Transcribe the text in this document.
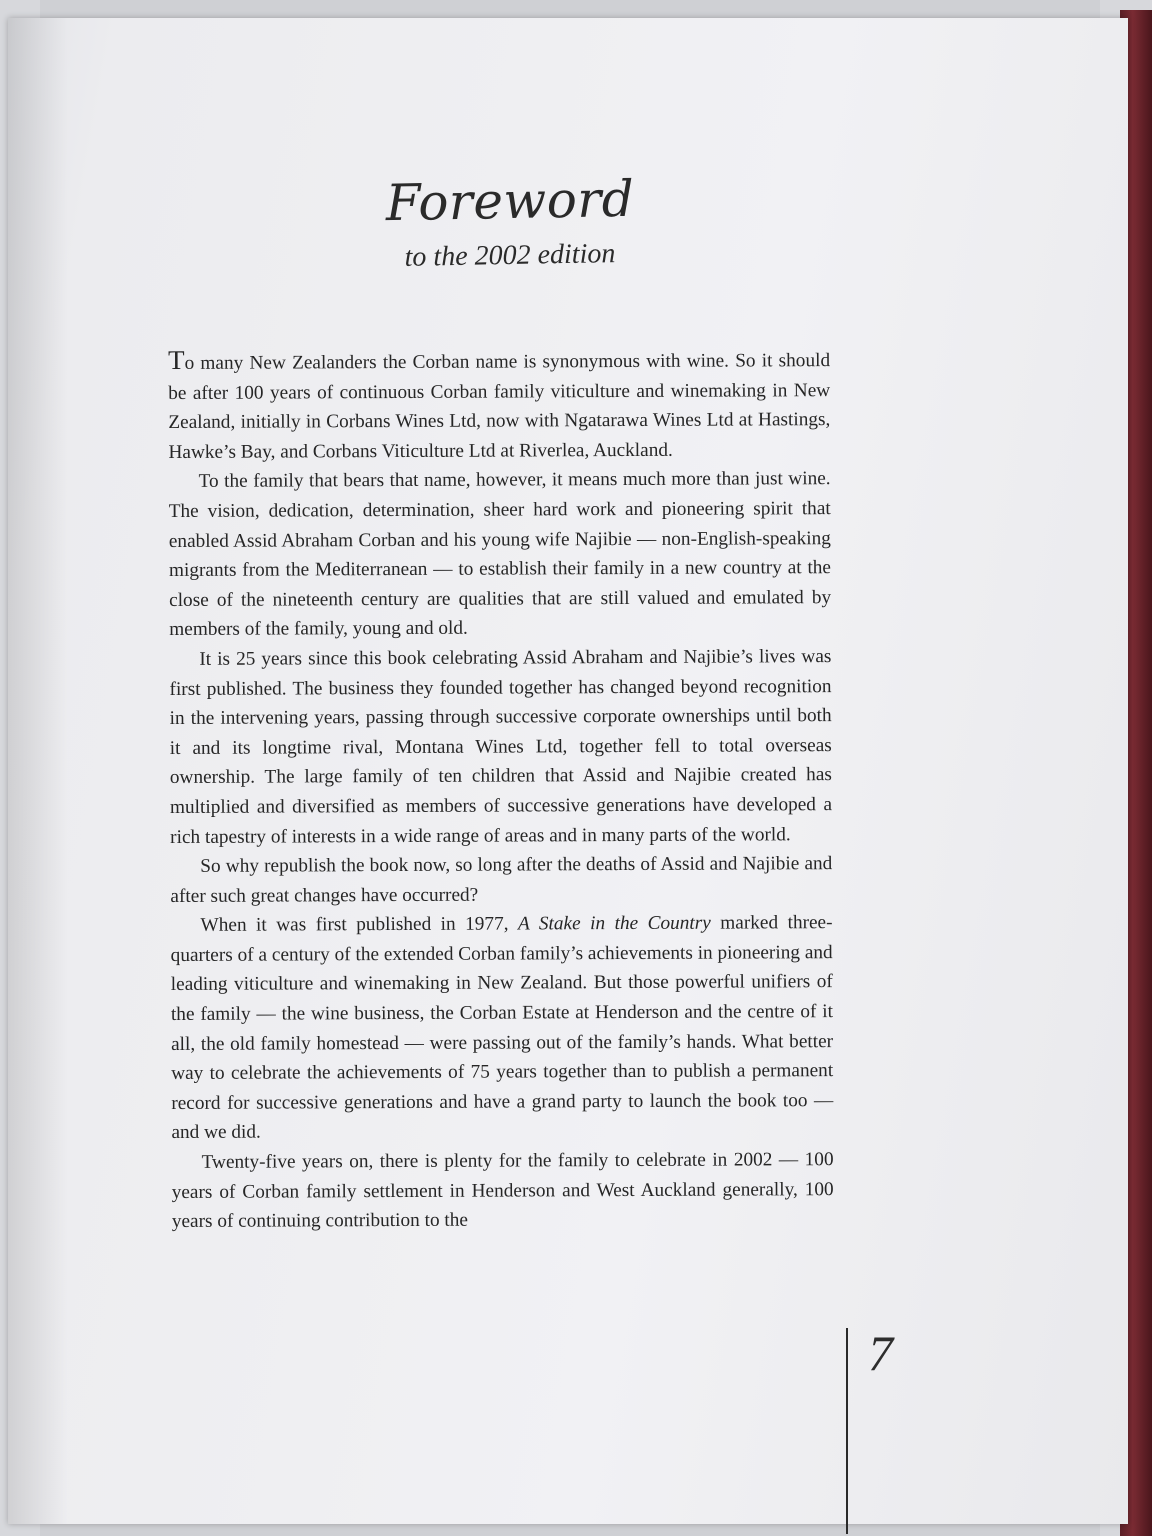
Foreword
to the 2002 edition

To many New Zealanders the Corban name is synonymous with wine. So it should be after 100 years of continuous Corban family viticulture and winemaking in New Zealand, initially in Corbans Wines Ltd, now with Ngatarawa Wines Ltd at Hastings, Hawke’s Bay, and Corbans Viticulture Ltd at Riverlea, Auckland.

To the family that bears that name, however, it means much more than just wine. The vision, dedication, determination, sheer hard work and pioneering spirit that enabled Assid Abraham Corban and his young wife Najibie — non-English-speaking migrants from the Mediterranean — to establish their family in a new country at the close of the nineteenth century are qualities that are still valued and emulated by members of the family, young and old.

It is 25 years since this book celebrating Assid Abraham and Najibie’s lives was first published. The business they founded together has changed beyond recognition in the intervening years, passing through successive corporate ownerships until both it and its longtime rival, Montana Wines Ltd, together fell to total overseas ownership. The large family of ten children that Assid and Najibie created has multiplied and diversified as members of successive generations have developed a rich tapestry of interests in a wide range of areas and in many parts of the world.

So why republish the book now, so long after the deaths of Assid and Najibie and after such great changes have occurred?

When it was first published in 1977, A Stake in the Country marked three-quarters of a century of the extended Corban family’s achievements in pioneering and leading viticulture and winemaking in New Zealand. But those powerful unifiers of the family — the wine business, the Corban Estate at Henderson and the centre of it all, the old family homestead — were passing out of the family’s hands. What better way to celebrate the achievements of 75 years together than to publish a permanent record for successive generations and have a grand party to launch the book too — and we did.

Twenty-five years on, there is plenty for the family to celebrate in 2002 — 100 years of Corban family settlement in Henderson and West Auckland generally, 100 years of continuing contribution to the

7
